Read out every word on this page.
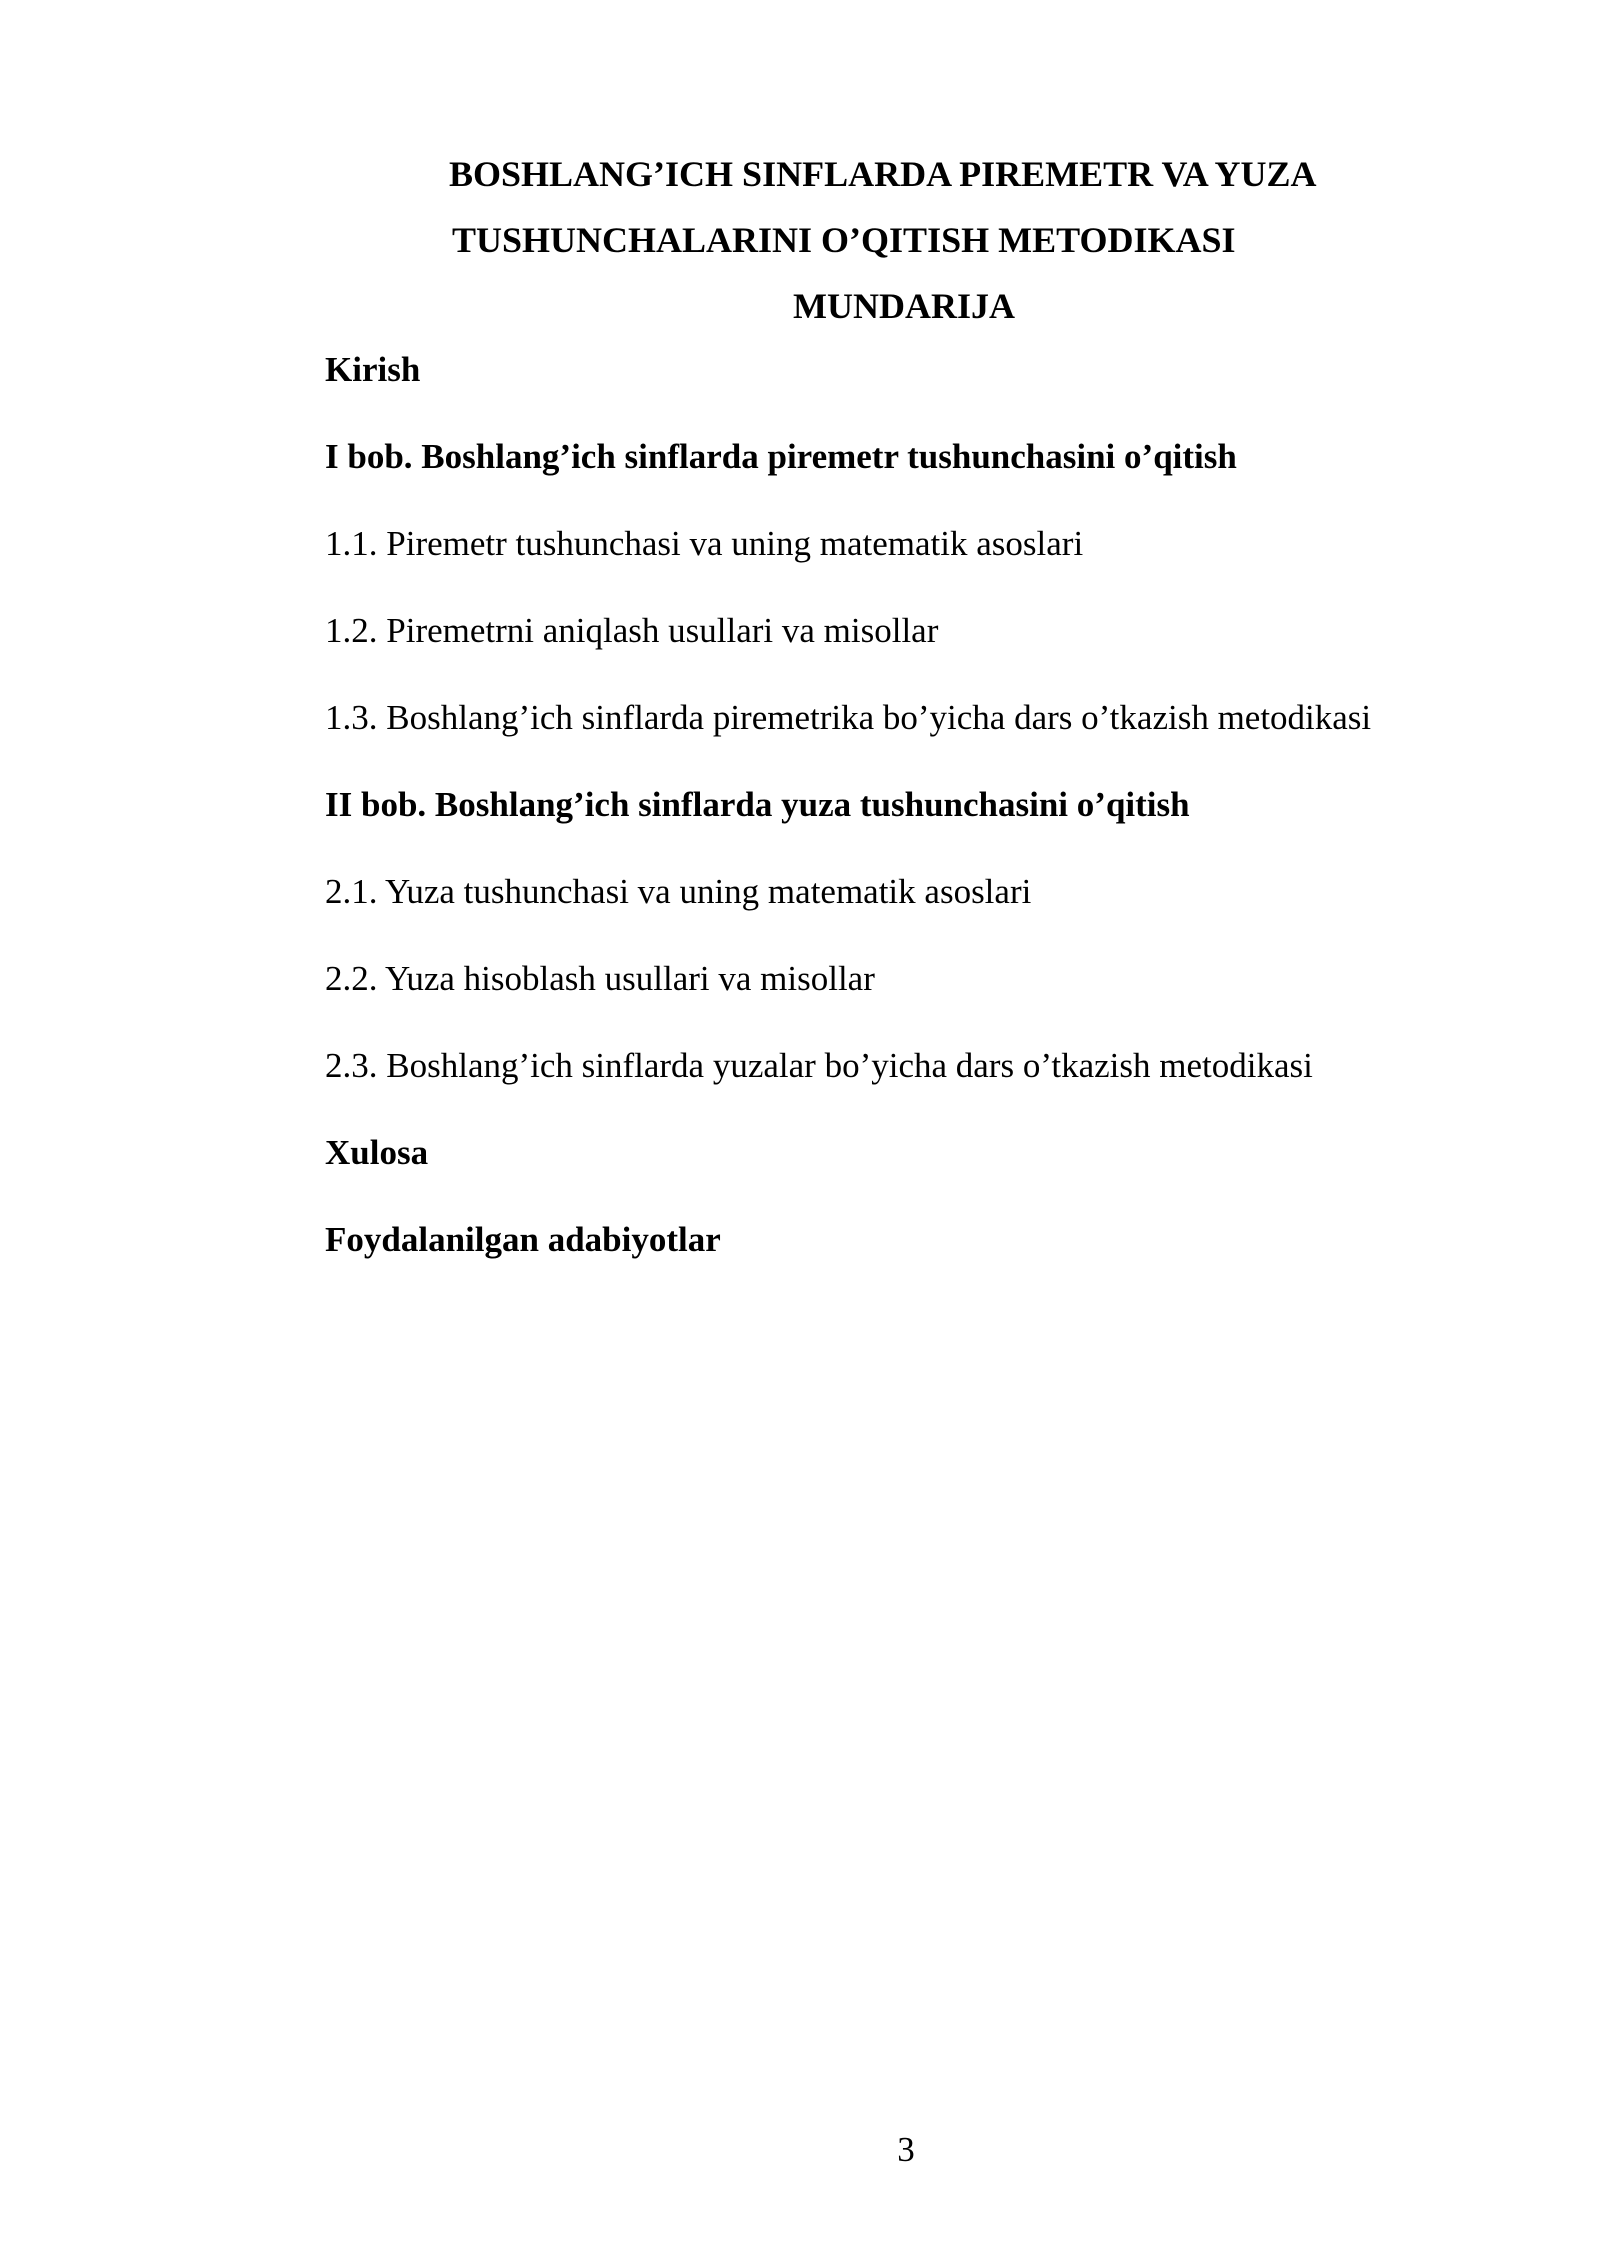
BOSHLANG’ICH SINFLARDA PIREMETR VA YUZA
TUSHUNCHALARINI O’QITISH METODIKASI
MUNDARIJA
Kirish
I bob. Boshlang’ich sinflarda piremetr tushunchasini o’qitish
1.1. Piremetr tushunchasi va uning matematik asoslari
1.2. Piremetrni aniqlash usullari va misollar
1.3. Boshlang’ich sinflarda piremetrika bo’yicha dars o’tkazish metodikasi
II bob. Boshlang’ich sinflarda yuza tushunchasini o’qitish
2.1. Yuza tushunchasi va uning matematik asoslari
2.2. Yuza hisoblash usullari va misollar
2.3. Boshlang’ich sinflarda yuzalar bo’yicha dars o’tkazish metodikasi
Xulosa
Foydalanilgan adabiyotlar
3
